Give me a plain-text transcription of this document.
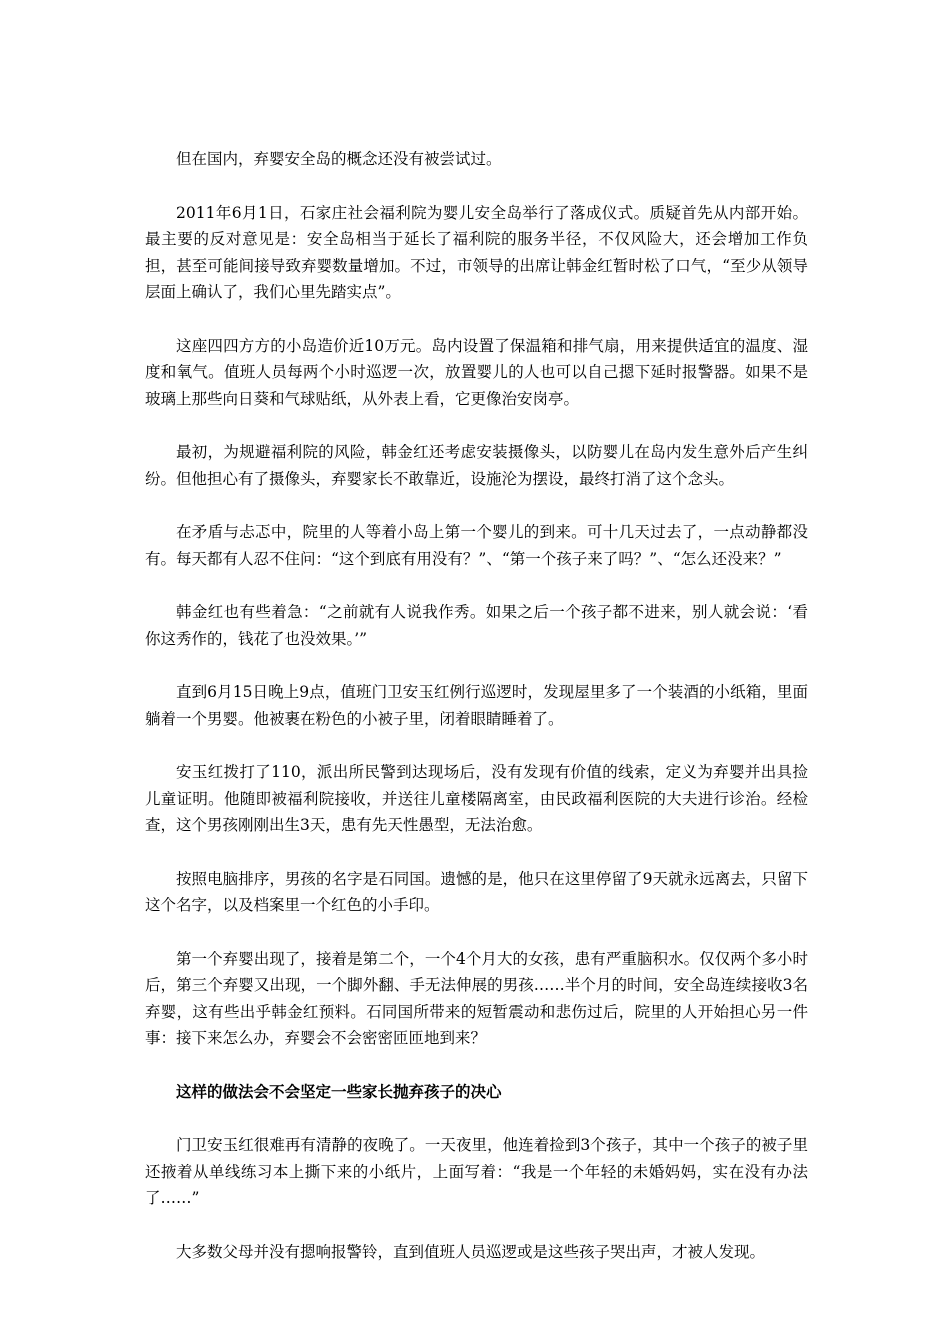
但在国内，弃婴安全岛的概念还没有被尝试过。

2011年6月1日，石家庄社会福利院为婴儿安全岛举行了落成仪式。质疑首先从内部开始。最主要的反对意见是：安全岛相当于延长了福利院的服务半径，不仅风险大，还会增加工作负担，甚至可能间接导致弃婴数量增加。不过，市领导的出席让韩金红暂时松了口气，“至少从领导层面上确认了，我们心里先踏实点”。

这座四四方方的小岛造价近10万元。岛内设置了保温箱和排气扇，用来提供适宜的温度、湿度和氧气。值班人员每两个小时巡逻一次，放置婴儿的人也可以自己摁下延时报警器。如果不是玻璃上那些向日葵和气球贴纸，从外表上看，它更像治安岗亭。

最初，为规避福利院的风险，韩金红还考虑安装摄像头，以防婴儿在岛内发生意外后产生纠纷。但他担心有了摄像头，弃婴家长不敢靠近，设施沦为摆设，最终打消了这个念头。

在矛盾与忐忑中，院里的人等着小岛上第一个婴儿的到来。可十几天过去了，一点动静都没有。每天都有人忍不住问：“这个到底有用没有？”、“第一个孩子来了吗？”、“怎么还没来？”

韩金红也有些着急：“之前就有人说我作秀。如果之后一个孩子都不进来，别人就会说：‘看你这秀作的，钱花了也没效果。’”

直到6月15日晚上9点，值班门卫安玉红例行巡逻时，发现屋里多了一个装酒的小纸箱，里面躺着一个男婴。他被裹在粉色的小被子里，闭着眼睛睡着了。

安玉红拨打了110，派出所民警到达现场后，没有发现有价值的线索，定义为弃婴并出具捡儿童证明。他随即被福利院接收，并送往儿童楼隔离室，由民政福利医院的大夫进行诊治。经检查，这个男孩刚刚出生3天，患有先天性愚型，无法治愈。

按照电脑排序，男孩的名字是石同国。遗憾的是，他只在这里停留了9天就永远离去，只留下这个名字，以及档案里一个红色的小手印。

第一个弃婴出现了，接着是第二个，一个4个月大的女孩，患有严重脑积水。仅仅两个多小时后，第三个弃婴又出现，一个脚外翻、手无法伸展的男孩……半个月的时间，安全岛连续接收3名弃婴，这有些出乎韩金红预料。石同国所带来的短暂震动和悲伤过后，院里的人开始担心另一件事：接下来怎么办，弃婴会不会密密匝匝地到来？

这样的做法会不会坚定一些家长抛弃孩子的决心

门卫安玉红很难再有清静的夜晚了。一天夜里，他连着捡到3个孩子，其中一个孩子的被子里还掖着从单线练习本上撕下来的小纸片，上面写着：“我是一个年轻的未婚妈妈，实在没有办法了……”

大多数父母并没有摁响报警铃，直到值班人员巡逻或是这些孩子哭出声，才被人发现。
